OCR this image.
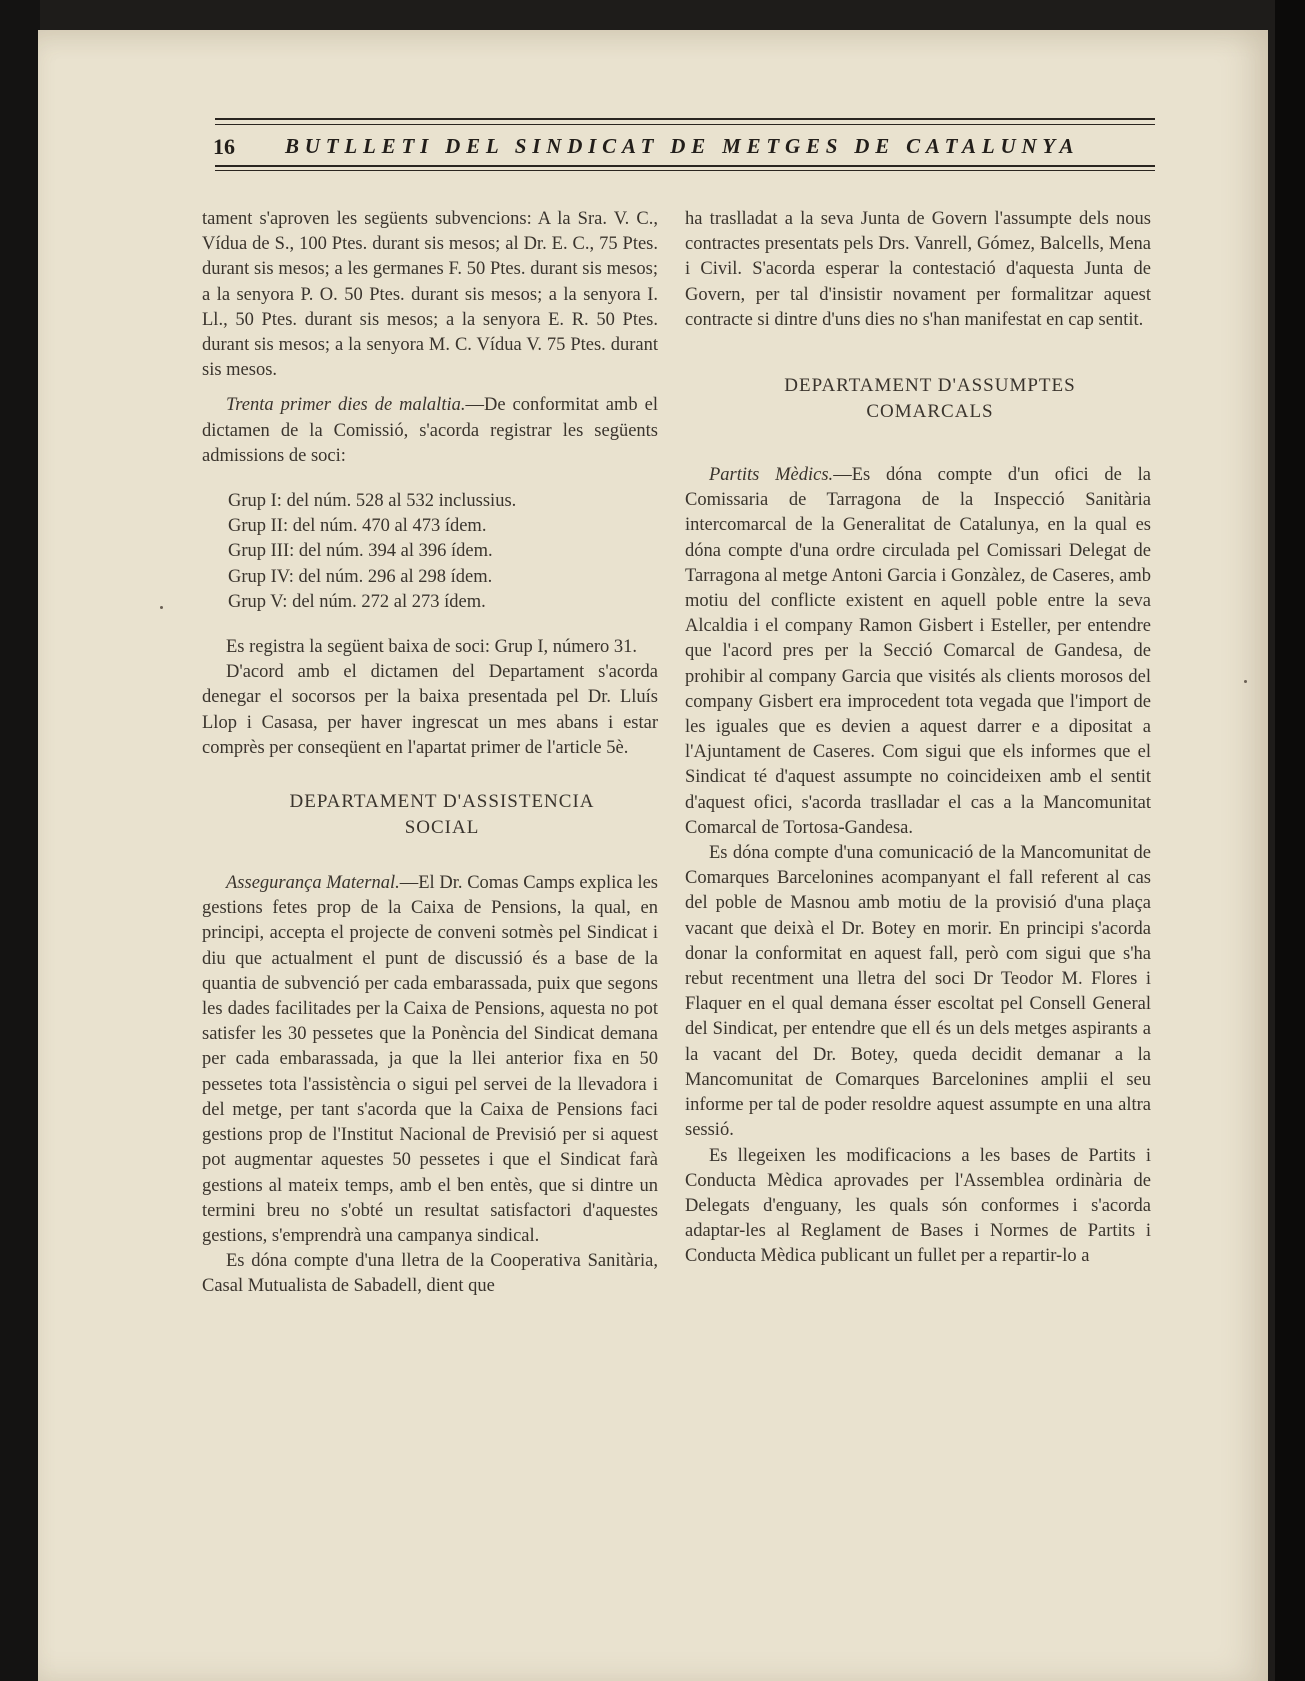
16 BUTLLETI DEL SINDICAT DE METGES DE CATALUNYA

tament s'aproven les següents subvencions: A la Sra. V. C., Vídua de S., 100 Ptes. durant sis mesos; al Dr. E. C., 75 Ptes. durant sis mesos; a les germanes F. 50 Ptes. durant sis mesos; a la senyora P. O. 50 Ptes. durant sis mesos; a la senyora I. Ll., 50 Ptes. durant sis mesos; a la senyora E. R. 50 Ptes. durant sis mesos; a la senyora M. C. Vídua V. 75 Ptes. durant sis mesos.

Trenta primer dies de malaltia.—De conformitat amb el dictamen de la Comissió, s'acorda registrar les següents admissions de soci:

Grup I: del núm. 528 al 532 inclussius.
Grup II: del núm. 470 al 473 ídem.
Grup III: del núm. 394 al 396 ídem.
Grup IV: del núm. 296 al 298 ídem.
Grup V: del núm. 272 al 273 ídem.

Es registra la següent baixa de soci: Grup I, número 31.

D'acord amb el dictamen del Departament s'acorda denegar el socorsos per la baixa presentada pel Dr. Lluís Llop i Casasa, per haver ingrescat un mes abans i estar comprès per conseqüent en l'apartat primer de l'article 5è.

DEPARTAMENT D'ASSISTENCIA

SOCIAL

Assegurança Maternal.—El Dr. Comas Camps explica les gestions fetes prop de la Caixa de Pensions, la qual, en principi, accepta el projecte de conveni sotmès pel Sindicat i diu que actualment el punt de discussió és a base de la quantia de subvenció per cada embarassada, puix que segons les dades facilitades per la Caixa de Pensions, aquesta no pot satisfer les 30 pessetes que la Ponència del Sindicat demana per cada embarassada, ja que la llei anterior fixa en 50 pessetes tota l'assistència o sigui pel servei de la llevadora i del metge, per tant s'acorda que la Caixa de Pensions faci gestions prop de l'Institut Nacional de Previsió per si aquest pot augmentar aquestes 50 pessetes i que el Sindicat farà gestions al mateix temps, amb el ben entès, que si dintre un termini breu no s'obté un resultat satisfactori d'aquestes gestions, s'emprendrà una campanya sindical.

Es dóna compte d'una lletra de la Cooperativa Sanitària, Casal Mutualista de Sabadell, dient que

ha traslladat a la seva Junta de Govern l'assumpte dels nous contractes presentats pels Drs. Vanrell, Gómez, Balcells, Mena i Civil. S'acorda esperar la contestació d'aquesta Junta de Govern, per tal d'insistir novament per formalitzar aquest contracte si dintre d'uns dies no s'han manifestat en cap sentit.

DEPARTAMENT D'ASSUMPTES

COMARCALS

Partits Mèdics.—Es dóna compte d'un ofici de la Comissaria de Tarragona de la Inspecció Sanitària intercomarcal de la Generalitat de Catalunya, en la qual es dóna compte d'una ordre circulada pel Comissari Delegat de Tarragona al metge Antoni Garcia i Gonzàlez, de Caseres, amb motiu del conflicte existent en aquell poble entre la seva Alcaldia i el company Ramon Gisbert i Esteller, per entendre que l'acord pres per la Secció Comarcal de Gandesa, de prohibir al company Garcia que visités als clients morosos del company Gisbert era improcedent tota vegada que l'import de les iguales que es devien a aquest darrer e a dipositat a l'Ajuntament de Caseres. Com sigui que els informes que el Sindicat té d'aquest assumpte no coincideixen amb el sentit d'aquest ofici, s'acorda traslladar el cas a la Mancomunitat Comarcal de Tortosa-Gandesa.

Es dóna compte d'una comunicació de la Mancomunitat de Comarques Barcelonines acompanyant el fall referent al cas del poble de Masnou amb motiu de la provisió d'una plaça vacant que deixà el Dr. Botey en morir. En principi s'acorda donar la conformitat en aquest fall, però com sigui que s'ha rebut recentment una lletra del soci Dr Teodor M. Flores i Flaquer en el qual demana ésser escoltat pel Consell General del Sindicat, per entendre que ell és un dels metges aspirants a la vacant del Dr. Botey, queda decidit demanar a la Mancomunitat de Comarques Barcelonines amplii el seu informe per tal de poder resoldre aquest assumpte en una altra sessió.

Es llegeixen les modificacions a les bases de Partits i Conducta Mèdica aprovades per l'Assemblea ordinària de Delegats d'enguany, les quals són conformes i s'acorda adaptar-les al Reglament de Bases i Normes de Partits i Conducta Mèdica publicant un fullet per a repartir-lo a
